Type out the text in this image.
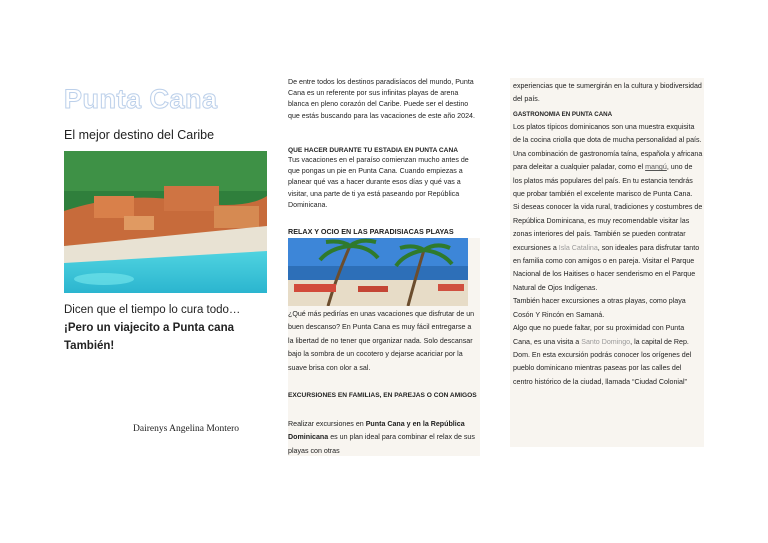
Punta Cana
El mejor destino del Caribe
Dicen que el tiempo lo cura todo…
¡Pero un viajecito a Punta cana También!
Dairenys Angelina Montero

De entre todos los destinos paradisíacos del mundo, Punta Cana es un referente por sus infinitas playas de arena blanca en pleno corazón del Caribe. Puede ser el destino que estás buscando para las vacaciones de este año 2024.

QUE HACER DURANTE TU ESTADIA EN PUNTA CANA

Tus vacaciones en el paraíso comienzan mucho antes de que pongas un pie en Punta Cana. Cuando empiezas a planear qué vas a hacer durante esos días y qué vas a visitar, una parte de ti ya está paseando por República Dominicana.

RELAX Y OCIO EN LAS PARADISIACAS PLAYAS

¿Qué más pedirías en unas vacaciones que disfrutar de un buen descanso? En Punta Cana es muy fácil entregarse a la libertad de no tener que organizar nada. Solo descansar bajo la sombra de un cocotero y dejarse acariciar por la suave brisa con olor a sal.

EXCURSIONES EN FAMILIAS, EN PAREJAS O CON AMIGOS

Realizar excursiones en Punta Cana y en la República Dominicana es un plan ideal para combinar el relax de sus playas con otras

experiencias que te sumergirán en la cultura y biodiversidad del país.

GASTRONOMIA EN PUNTA CANA

Los platos típicos dominicanos son una muestra exquisita de la cocina criolla que dota de mucha personalidad al país. Una combinación de gastronomía taína, española y africana para deleitar a cualquier paladar, como el mangú, uno de los platos más populares del país. En tu estancia tendrás que probar también el excelente marisco de Punta Cana.

Si deseas conocer la vida rural, tradiciones y costumbres de República Dominicana, es muy recomendable visitar las zonas interiores del país. También se pueden contratar excursiones a Isla Catalina, son ideales para disfrutar tanto en familia como con amigos o en pareja. Visitar el Parque Nacional de los Haitises o hacer senderismo en el Parque Natural de Ojos Indígenas.

También hacer excursiones a otras playas, como playa Cosón Y Rincón en Samaná.

Algo que no puede faltar, por su proximidad con Punta Cana, es una visita a Santo Domingo, la capital de Rep. Dom. En esta excursión podrás conocer los orígenes del pueblo dominicano mientras paseas por las calles del centro histórico de la ciudad, llamada “Ciudad Colonial”
